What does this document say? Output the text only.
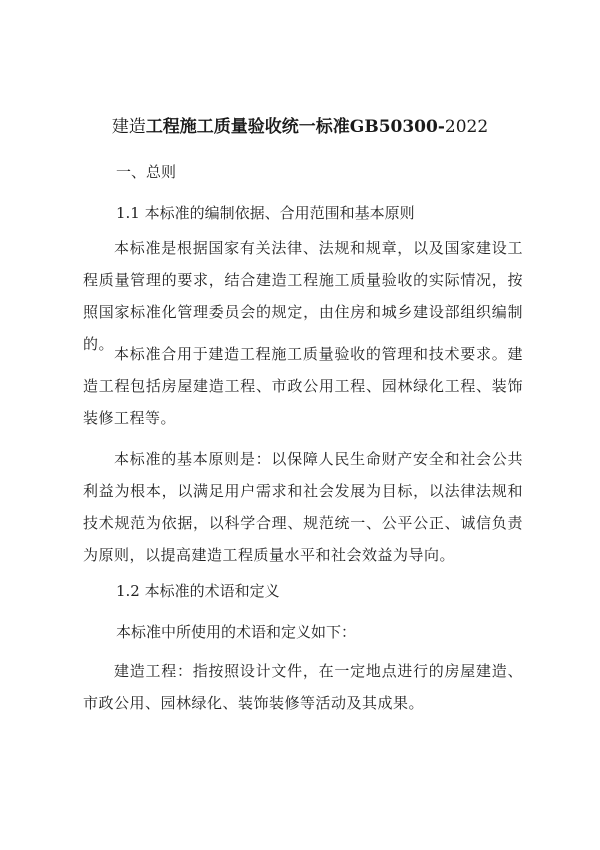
建造工程施工质量验收统一标准GB50300-2022
一、总则
1.1 本标准的编制依据、合用范围和基本原则
本标准是根据国家有关法律、法规和规章，以及国家建设工程质量管理的要求，结合建造工程施工质量验收的实际情况，按照国家标准化管理委员会的规定，由住房和城乡建设部组织编制的。
本标准合用于建造工程施工质量验收的管理和技术要求。建造工程包括房屋建造工程、市政公用工程、园林绿化工程、装饰装修工程等。
本标准的基本原则是：以保障人民生命财产安全和社会公共利益为根本，以满足用户需求和社会发展为目标，以法律法规和技术规范为依据，以科学合理、规范统一、公平公正、诚信负责为原则，以提高建造工程质量水平和社会效益为导向。
1.2 本标准的术语和定义
本标准中所使用的术语和定义如下：
建造工程：指按照设计文件，在一定地点进行的房屋建造、市政公用、园林绿化、装饰装修等活动及其成果。
